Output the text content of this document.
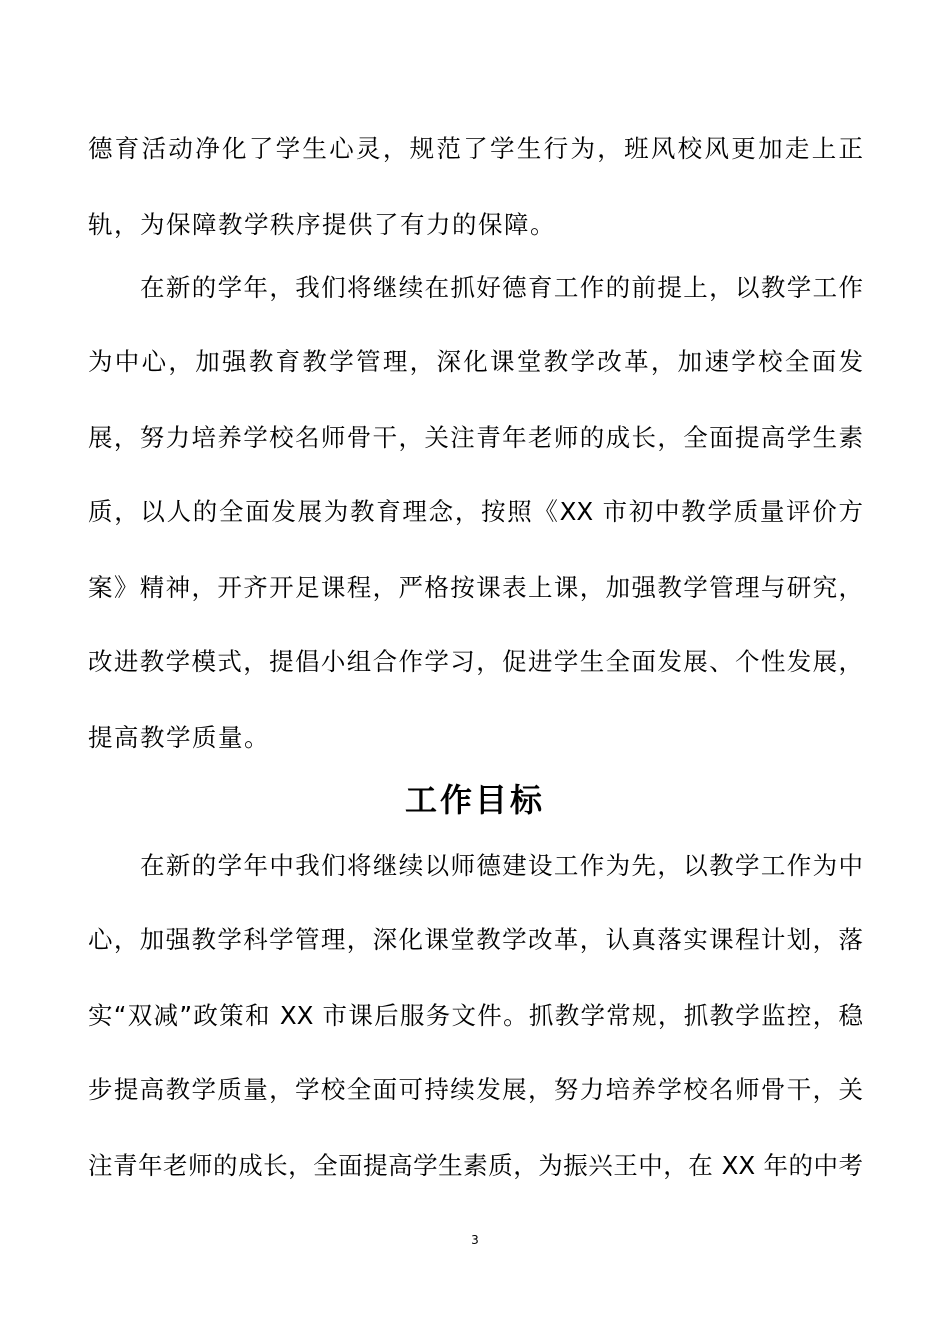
德育活动净化了学生心灵，规范了学生行为，班风校风更加走上正
轨，为保障教学秩序提供了有力的保障。
在新的学年，我们将继续在抓好德育工作的前提上，以教学工作
为中心，加强教育教学管理，深化课堂教学改革，加速学校全面发
展，努力培养学校名师骨干，关注青年老师的成长，全面提高学生素
质，以人的全面发展为教育理念，按照《XX 市初中教学质量评价方
案》精神，开齐开足课程，严格按课表上课，加强教学管理与研究，
改进教学模式，提倡小组合作学习，促进学生全面发展、个性发展，
提高教学质量。
工作目标
在新的学年中我们将继续以师德建设工作为先，以教学工作为中
心，加强教学科学管理，深化课堂教学改革，认真落实课程计划，落
实“双减”政策和 XX 市课后服务文件。抓教学常规，抓教学监控，稳
步提高教学质量，学校全面可持续发展，努力培养学校名师骨干，关
注青年老师的成长，全面提高学生素质，为振兴王中，在 XX 年的中考
3
